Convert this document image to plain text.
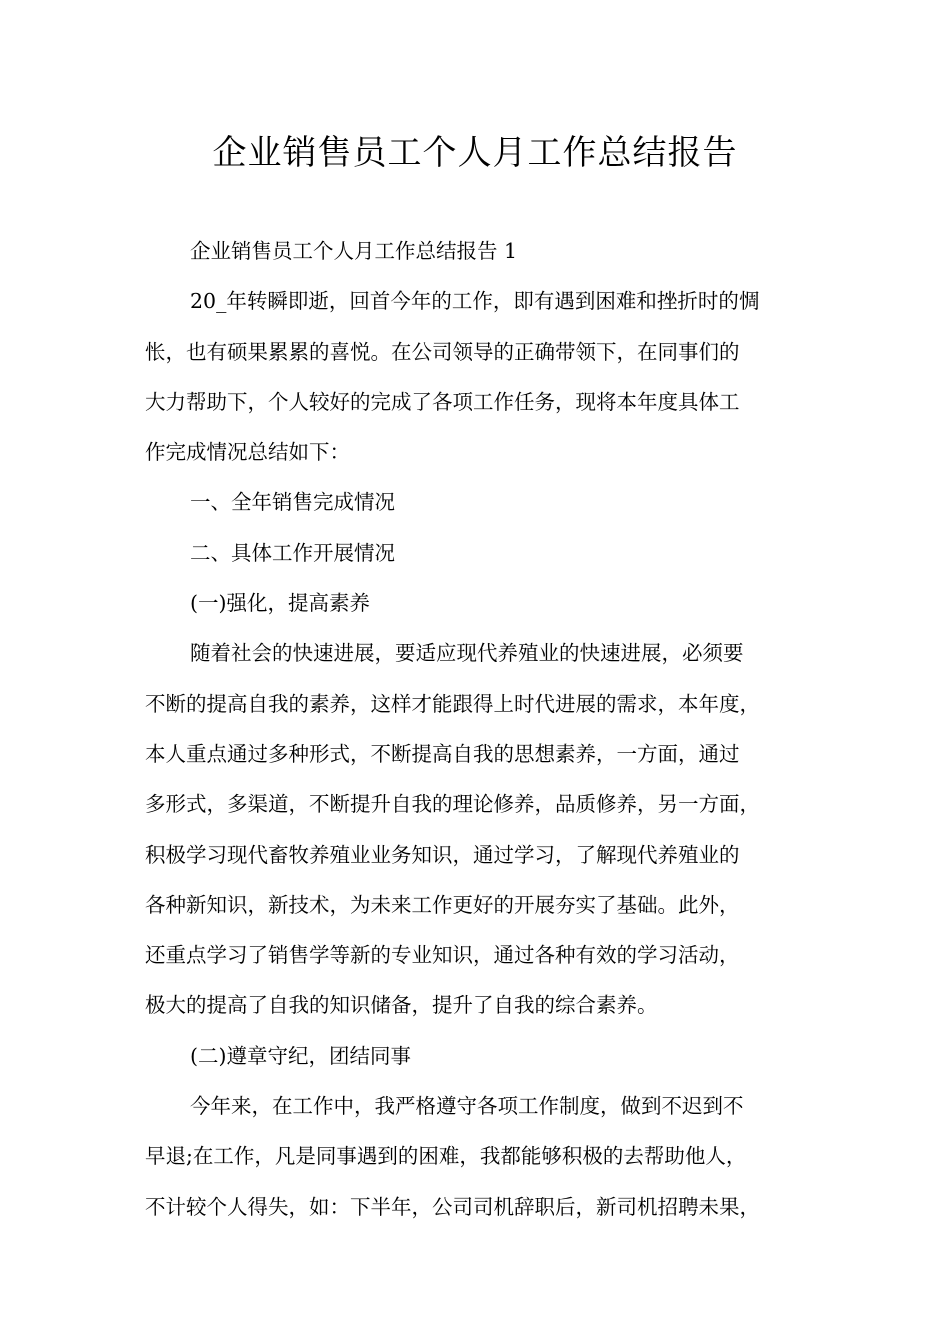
企业销售员工个人月工作总结报告
企业销售员工个人月工作总结报告 1
20_年转瞬即逝，回首今年的工作，即有遇到困难和挫折时的惆
怅，也有硕果累累的喜悦。在公司领导的正确带领下，在同事们的
大力帮助下，个人较好的完成了各项工作任务，现将本年度具体工
作完成情况总结如下：
一、全年销售完成情况
二、具体工作开展情况
(一)强化，提高素养
随着社会的快速进展，要适应现代养殖业的快速进展，必须要
不断的提高自我的素养，这样才能跟得上时代进展的需求，本年度，
本人重点通过多种形式，不断提高自我的思想素养，一方面，通过
多形式，多渠道，不断提升自我的理论修养，品质修养，另一方面，
积极学习现代畜牧养殖业业务知识，通过学习，了解现代养殖业的
各种新知识，新技术，为未来工作更好的开展夯实了基础。此外，
还重点学习了销售学等新的专业知识，通过各种有效的学习活动，
极大的提高了自我的知识储备，提升了自我的综合素养。
(二)遵章守纪，团结同事
今年来，在工作中，我严格遵守各项工作制度，做到不迟到不
早退;在工作，凡是同事遇到的困难，我都能够积极的去帮助他人，
不计较个人得失，如：下半年，公司司机辞职后，新司机招聘未果，
